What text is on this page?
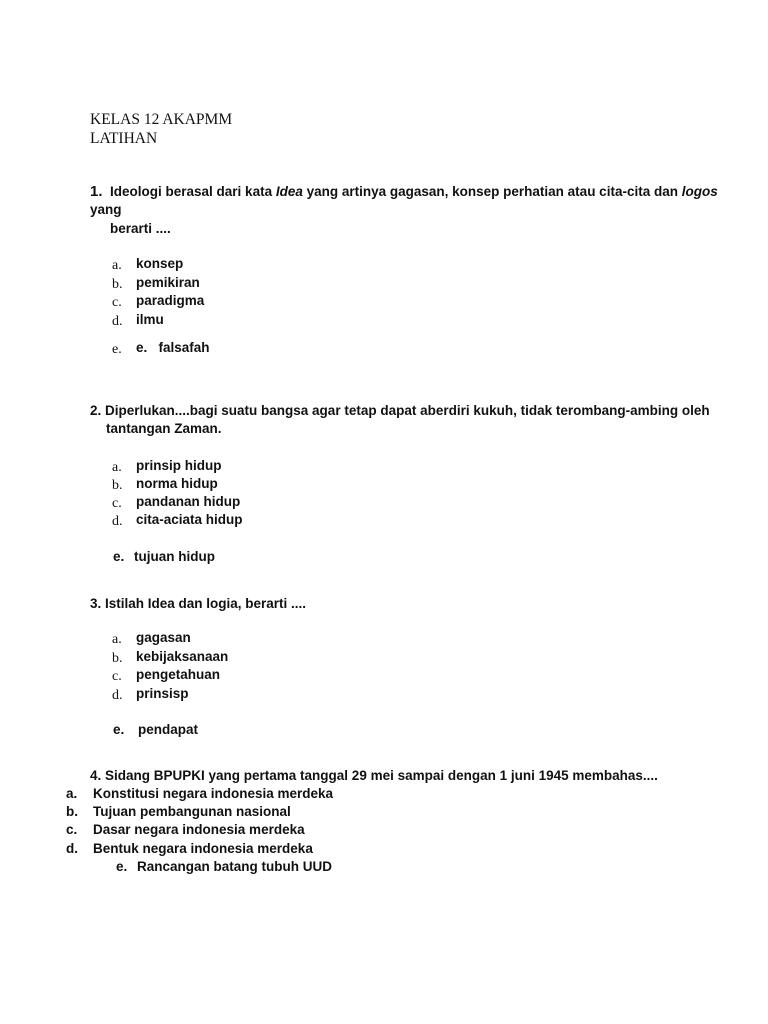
KELAS 12 AKAPMM
LATIHAN
1.  Ideologi berasal dari kata Idea yang artinya gagasan, konsep perhatian atau cita-cita dan logos
yang
berarti ....
a. konsep
b. pemikiran
c. paradigma
d. ilmu
e. e.   falsafah
2. Diperlukan....bagi suatu bangsa agar tetap dapat aberdiri kukuh, tidak terombang-ambing oleh
tantangan Zaman.
a. prinsip hidup
b. norma hidup
c. pandanan hidup
d. cita-aciata hidup
e. tujuan hidup
3. Istilah Idea dan logia, berarti ....
a. gagasan
b. kebijaksanaan
c. pengetahuan
d. prinsisp
e. pendapat
4. Sidang BPUPKI yang pertama tanggal 29 mei sampai dengan 1 juni 1945 membahas....
a. Konstitusi negara indonesia merdeka
b. Tujuan pembangunan nasional
c. Dasar negara indonesia merdeka
d. Bentuk negara indonesia merdeka
e. Rancangan batang tubuh UUD
